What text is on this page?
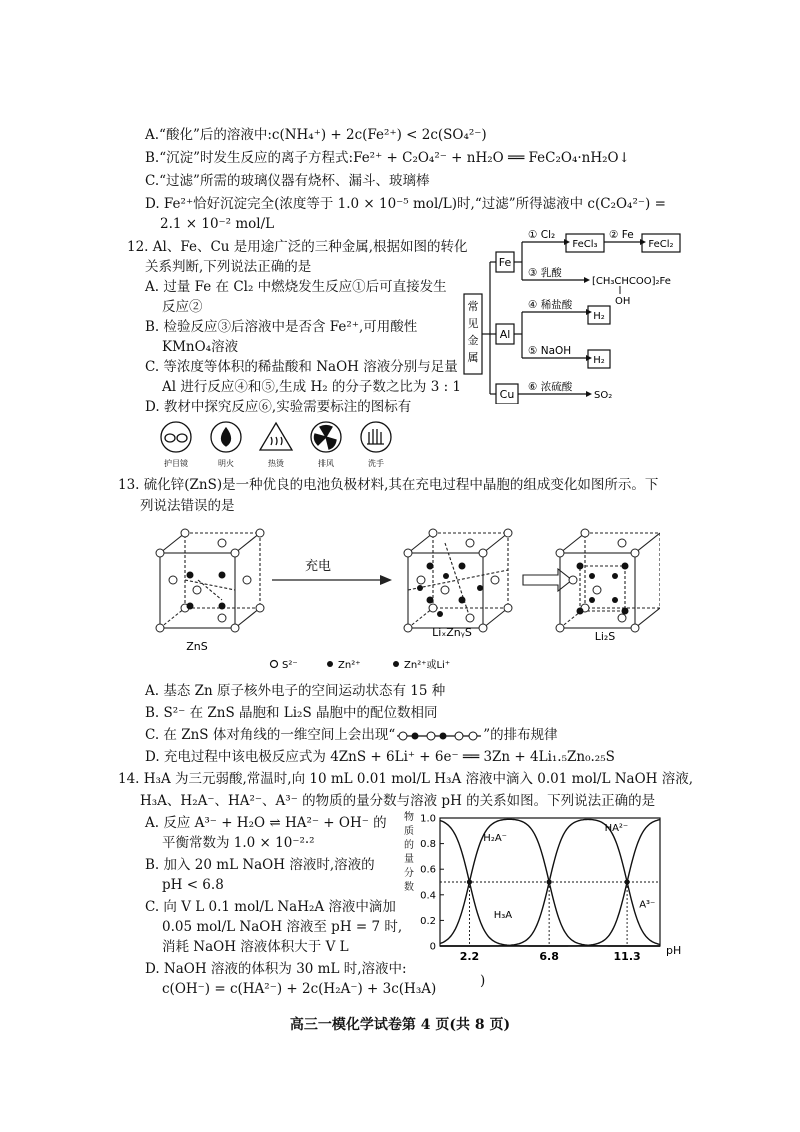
A.“酸化”后的溶液中:c(NH₄⁺) + 2c(Fe²⁺) < 2c(SO₄²⁻)
B.“沉淀”时发生反应的离子方程式:Fe²⁺ + C₂O₄²⁻ + nH₂O ══ FeC₂O₄·nH₂O↓
C.“过滤”所需的玻璃仪器有烧杯、漏斗、玻璃棒
D. Fe²⁺恰好沉淀完全(浓度等于 1.0 × 10⁻⁵ mol/L)时,“过滤”所得滤液中 c(C₂O₄²⁻) =
2.1 × 10⁻² mol/L
12. Al、Fe、Cu 是用途广泛的三种金属,根据如图的转化
关系判断,下列说法正确的是
A. 过量 Fe 在 Cl₂ 中燃烧发生反应①后可直接发生
反应②
B. 检验反应③后溶液中是否含 Fe²⁺,可用酸性
KMnO₄溶液
C. 等浓度等体积的稀盐酸和 NaOH 溶液分别与足量
Al 进行反应④和⑤,生成 H₂ 的分子数之比为 3 : 1
D. 教材中探究反应⑥,实验需要标注的图标有
常
见
金
属
Fe
Al
Cu
① Cl₂
FeCl₃
② Fe
FeCl₂
③ 乳酸
[CH₃CHCOO]₂Fe
OH
④ 稀盐酸
H₂
⑤ NaOH
H₂
⑥ 浓硫酸
SO₂
护目镜	明火	热烫	排风	洗手
13. 硫化锌(ZnS)是一种优良的电池负极材料,其在充电过程中晶胞的组成变化如图所示。下
列说法错误的是
充电
ZnS
LiₓZnᵧS	Li₂S
S²⁻	Zn²⁺	Zn²⁺或Li⁺
A. 基态 Zn 原子核外电子的空间运动状态有 15 种
B. S²⁻ 在 ZnS 晶胞和 Li₂S 晶胞中的配位数相同
C. 在 ZnS 体对角线的一维空间上会出现“	”的排布规律
D. 充电过程中该电极反应式为 4ZnS + 6Li⁺ + 6e⁻ ══ 3Zn + 4Li₁.₅Zn₀.₂₅S
14. H₃A 为三元弱酸,常温时,向 10 mL 0.01 mol/L H₃A 溶液中滴入 0.01 mol/L NaOH 溶液,
H₃A、H₂A⁻、HA²⁻、A³⁻ 的物质的量分数与溶液 pH 的关系如图。下列说法正确的是
A. 反应 A³⁻ + H₂O ⇌ HA²⁻ + OH⁻ 的
平衡常数为 1.0 × 10⁻²·²
B. 加入 20 mL NaOH 溶液时,溶液的
pH < 6.8
C. 向 V L 0.1 mol/L NaH₂A 溶液中滴加
0.05 mol/L NaOH 溶液至 pH = 7 时,
消耗 NaOH 溶液体积大于 V L
D. NaOH 溶液的体积为 30 mL 时,溶液中:
c(OH⁻) = c(HA²⁻) + 2c(H₂A⁻) + 3c(H₃A)	)
物
质
的
量
分
数
0
0.2
0.4
0.6
0.8
1.0
2.2	6.8	11.3 pH
H₃A
H₂A⁻
HA²⁻
A³⁻
高三一模化学试卷第 4 页(共 8 页)
